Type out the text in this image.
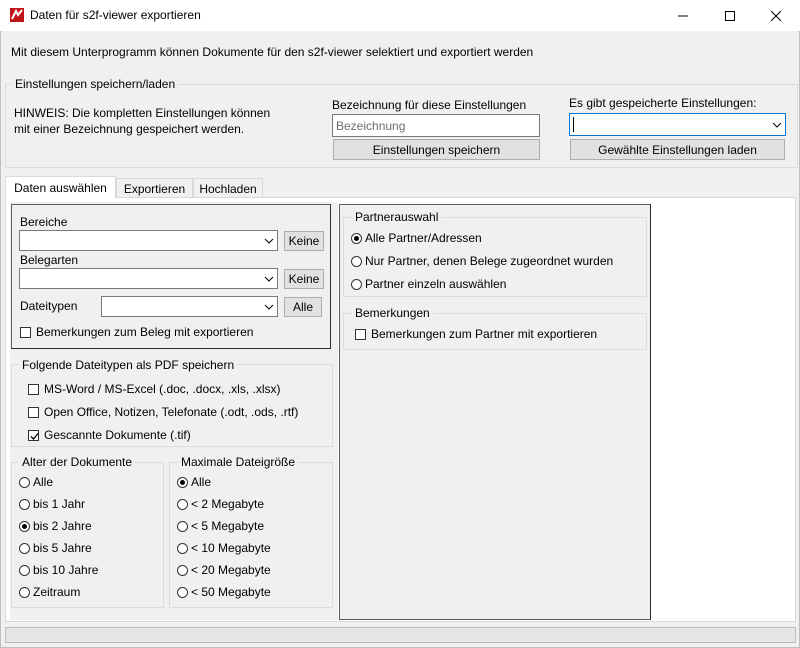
Daten für s2f-viewer exportieren
Mit diesem Unterprogramm können Dokumente für den s2f-viewer selektiert und exportiert werden
Einstellungen speichern/laden
HINWEIS: Die kompletten Einstellungen können
mit einer Bezeichnung gespeichert werden.
Bezeichnung für diese Einstellungen
Bezeichnung
Einstellungen speichern
Es gibt gespeicherte Einstellungen:
Gewählte Einstellungen laden
Daten auswählen	Exportieren	Hochladen
Bereiche
Keine
Belegarten
Keine
Dateitypen	Alle
Bemerkungen zum Beleg mit exportieren
Folgende Dateitypen als PDF speichern
MS-Word / MS-Excel (.doc, .docx, .xls, .xlsx)
Open Office, Notizen, Telefonate (.odt, .ods, .rtf)
Gescannte Dokumente (.tif)
Alter der Dokumente
Alle
bis 1 Jahr
bis 2 Jahre
bis 5 Jahre
bis 10 Jahre
Zeitraum
Maximale Dateigröße
Alle
< 2 Megabyte
< 5 Megabyte
< 10 Megabyte
< 20 Megabyte
< 50 Megabyte
Partnerauswahl
Alle Partner/Adressen
Nur Partner, denen Belege zugeordnet wurden
Partner einzeln auswählen
Bemerkungen
Bemerkungen zum Partner mit exportieren
